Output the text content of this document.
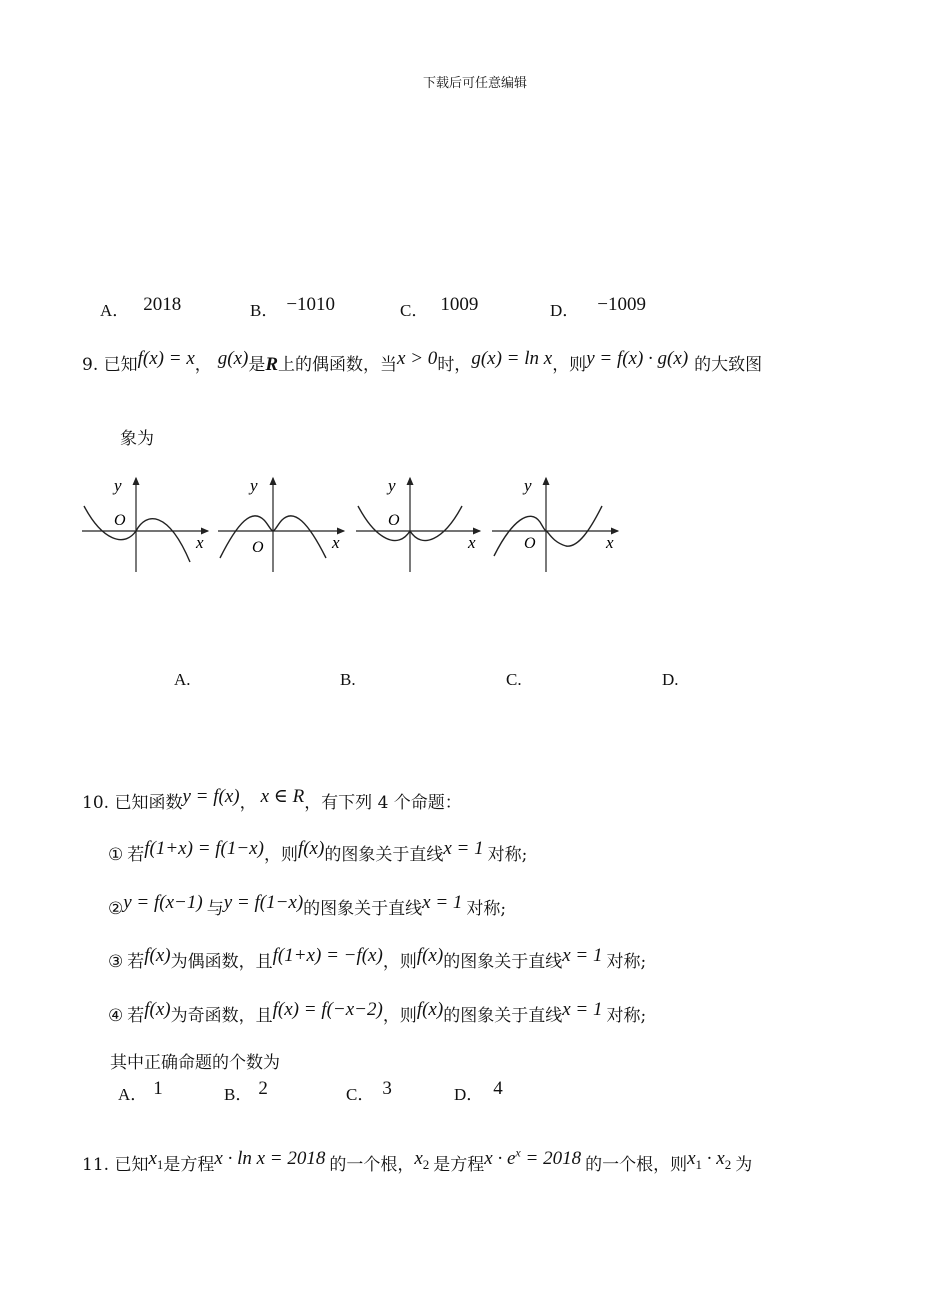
下载后可任意编辑
A． 2018	B． −1010	C． 1009	D． −1009
9. 已知f(x) = x， g(x)是R上的偶函数，当x > 0时，g(x) = ln x，则y = f(x) · g(x) 的大致图
象为
y
O
x
y
O	x
y
O
x
y
O	x
A.	B.	C.	D.
10. 已知函数y = f(x)， x ∈ R，有下列 4 个命题：
① 若f(1+x) = f(1−x)，则f(x)的图象关于直线x = 1 对称;
②y = f(x−1) 与y = f(1−x)的图象关于直线x = 1 对称;
③ 若f(x)为偶函数，且f(1+x) = −f(x)，则f(x)的图象关于直线x = 1 对称;
④ 若f(x)为奇函数，且f(x) = f(−x−2)，则f(x)的图象关于直线x = 1 对称;
其中正确命题的个数为
A． 1	B． 2	C． 3	D． 4
11. 已知$x_1$是方程x · ln x = 2018 的一个根，$x_2$ 是方程$x \cdot e^x = 2018$ 的一个根，则$x_1 \cdot x_2$ 为
